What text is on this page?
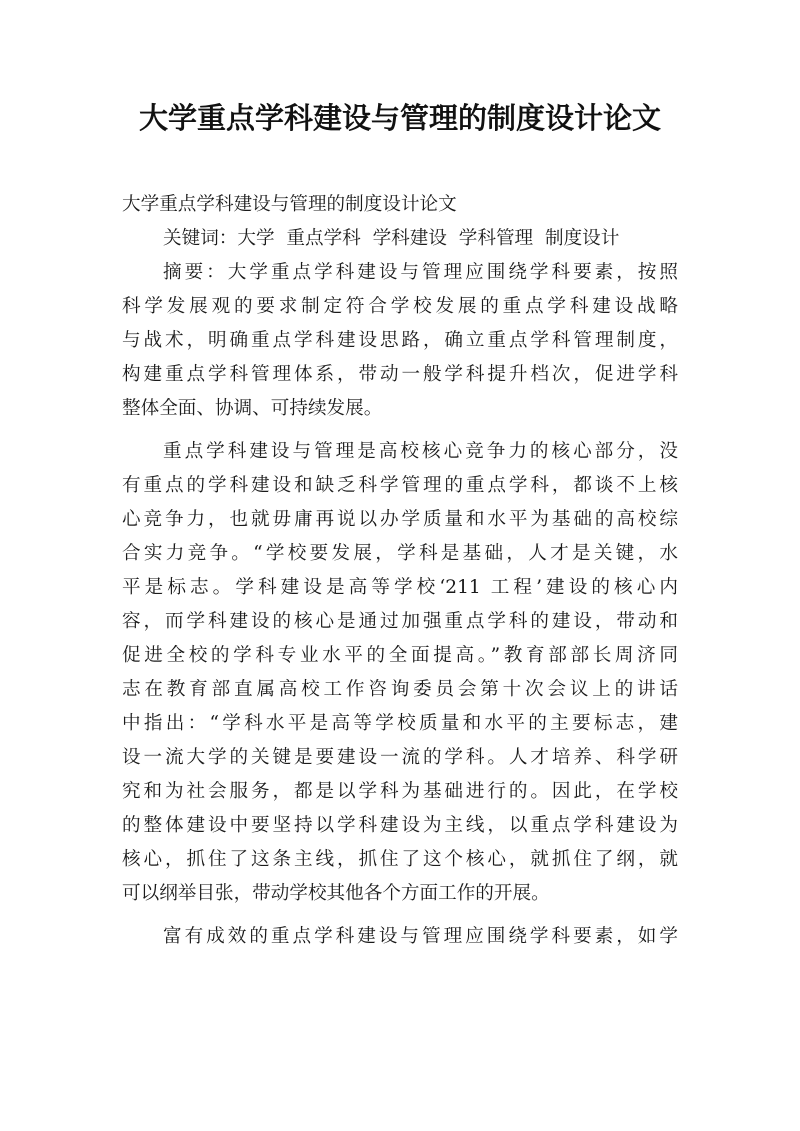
大学重点学科建设与管理的制度设计论文
大学重点学科建设与管理的制度设计论文
关键词：大学  重点学科  学科建设  学科管理  制度设计
摘要：大学重点学科建设与管理应围绕学科要素，按照
科学发展观的要求制定符合学校发展的重点学科建设战略
与战术，明确重点学科建设思路，确立重点学科管理制度，
构建重点学科管理体系，带动一般学科提升档次，促进学科
整体全面、协调、可持续发展。
重点学科建设与管理是高校核心竞争力的核心部分，没
有重点的学科建设和缺乏科学管理的重点学科，都谈不上核
心竞争力，也就毋庸再说以办学质量和水平为基础的高校综
合实力竞争。“学校要发展，学科是基础，人才是关键，水
平是标志。学科建设是高等学校‘211 工程’建设的核心内
容，而学科建设的核心是通过加强重点学科的建设，带动和
促进全校的学科专业水平的全面提高。”教育部部长周济同
志在教育部直属高校工作咨询委员会第十次会议上的讲话
中指出：“学科水平是高等学校质量和水平的主要标志，建
设一流大学的关键是要建设一流的学科。人才培养、科学研
究和为社会服务，都是以学科为基础进行的。因此，在学校
的整体建设中要坚持以学科建设为主线，以重点学科建设为
核心，抓住了这条主线，抓住了这个核心，就抓住了纲，就
可以纲举目张，带动学校其他各个方面工作的开展。
富有成效的重点学科建设与管理应围绕学科要素，如学
